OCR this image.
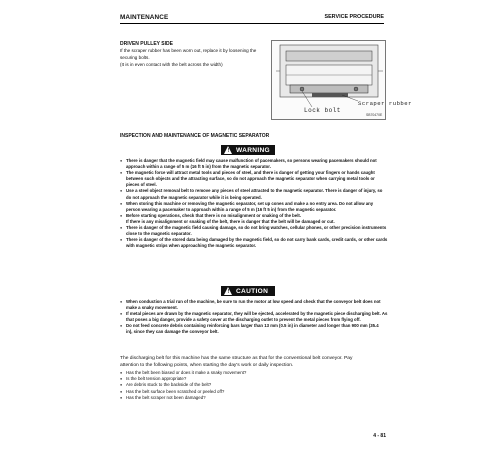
MAINTENANCE	SERVICE PROCEDURE
DRIVEN PULLEY SIDE
If the scraper rubber has been worn out, replace it by loosening the
securing bolts.
(It is in even contact with the belt across the width)
Scraper rubber
Lock bolt
SB70470E
INSPECTION AND MAINTENANCE OF MAGNETIC SEPARATOR
! WARNING
● There is danger that the magnetic field may cause malfunction of pacemakers, so persons wearing pacemakers should not
approach within a range of 5 m (16 ft 5 in) from the magnetic separator.
● The magnetic force will attract metal tools and pieces of steel, and there is danger of getting your fingers or hands caught
between such objects and the attracting surface, so do not approach the magnetic separator when carrying metal tools or
pieces of steel.
● Use a steel object removal belt to remove any pieces of steel attracted to the magnetic separator. There is danger of injury, so
do not approach the magnetic separator while it is being operated.
● When storing this machine or removing the magnetic separator, set up cones and make a no entry area. Do not allow any
person wearing a pacemaker to approach within a range of 5 m (16 ft 5 in) from the magnetic separator.
● Before starting operations, check that there is no misalignment or snaking of the belt.
If there is any misalignment or snaking of the belt, there is danger that the belt will be damaged or cut.
● There is danger of the magnetic field causing damage, so do not bring watches, cellular phones, or other precision instruments
close to the magnetic separator.
● There is danger of the stored data being damaged by the magnetic field, so do not carry bank cards, credit cards, or other cards
with magnetic strips when approaching the magnetic separator.
! CAUTION
● When conduction a trial run of the machine, be sure to run the motor at low speed and check that the conveyor belt does not
make a snaky movement.
● If metal pieces are drawn by the magnetic separator, they will be ejected, accelerated by the magnetic piece discharging belt. As
that poses a big danger, provide a safety cover at the discharging outlet to prevent the metal pieces from flying off.
● Do not feed concrete debris containing reinforcing bars larger than 13 mm (0.5 in) in diameter and longer than 900 mm (35.4
in), since they can damage the conveyor belt.
The discharging belt for this machine has the same structure as that for the conventional belt conveyor. Pay
attention to the following points, when starting the day's work or daily inspection.
● Has the belt been biased or does it make a snaky movement?
● Is the belt tension appropriate?
● Are debris stuck to the backside of the belt?
● Has the belt surface been scratched or peeled off?
● Has the belt scraper not been damaged?
4 - 81
